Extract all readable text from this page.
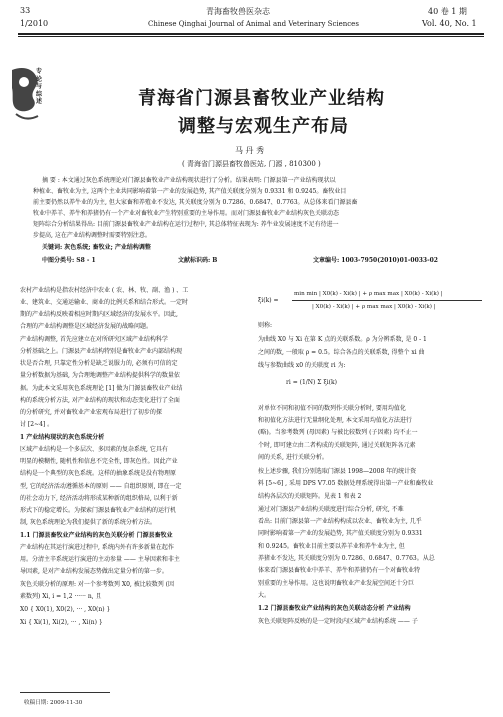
33
1/2010
青海畜牧兽医杂志
Chinese Qinghai Journal of Animal and Veterinary Sciences
40 卷 1 期
Vol. 40, No. 1
专
论
与
综
述	青海省门源县畜牧业产业结构
调整与宏观生产布局
马 丹 秀
( 青海省门源县畜牧兽医站, 门源 , 810300 )
摘 要 : 本文通过灰色系统理论对门源县畜牧业产业结构现状进行了分析。结果表明: 门源县第一产业结构现状以
种植业、畜牧业为主, 这两个主业共同影响着第一产业的发展趋势, 其产值关联度分别为 0.9331 和 0.9245。畜牧业目
前主要仍然以养牛业的为主, 但大家畜和养殖业不发达, 其关联度分别为 0.7286、0.6847、0.7763。从总体来看门源县畜
牧业中养羊、养牛和养猪仍有一个产业对畜牧业产生特别重要的主导作用。而对门源县畜牧业产业结构灰色关联动态
矩阵综合分析结果得出: 目前门源县畜牧业产业结构在运行过程中, 其总体特征表现为: 养牛业发展速度不足有待进一
步提高, 这在产业结构调整时需要特别注意。
关键词: 灰色系统; 畜牧业; 产业结构调整
中图分类号: S8 - 1	文献标识码: B	文章编号: 1003-7950(2010)01-0033-02
农村产业结构是指农村经济中农业 ( 农、林、牧、副、渔 ) 、工
业、建筑业、交通运输业、商业的比例关系和结合形式。一定时
期的产业结构反映着相应时期内区域经济的发展水平。因此,
合理的产业结构调整是区域经济发展的战略问题。
产业结构调整, 首先应建立在对所研究区域产业结构科学
分析基础之上。门源县产业结构特别是畜牧业产业内部结构现
状是否合理, 只靠定性分析是缺乏说服力的, 必须有可信的定
量分析数据为基础, 为合理地调整产业结构提供科学的数量依
据。为此本文采用灰色系统理论 [1] 做为门源县畜牧业产业结
构的系统分析方法, 对产业结构的现状和动态变化进行了全面
的分析研究, 并对畜牧业产业宏观布局进行了初步的探
讨 [2~4] 。
1 产业结构现状的灰色系统分析
区域产业结构是一个多层次、多因素的复杂系统, 它具有
明显的模糊性, 随机性和信息不完全性, 即灰色性。因此产业
结构是一个典型的灰色系统。这样的抽象系统是没有物理原
型, 它的经济活动遵循基本的原则 —— 自组织原则, 即在一定
的社会动力下, 经济活动将形成某种新的组织格局, 以利于新
形式下的稳定增长。为探索门源县畜牧业产业结构的运行机
制, 灰色系统理论为我们提供了新的系统分析方法。
1.1 门源县畜牧业产业结构的灰色关联分析 门源县畜牧业
产业结构在其运行演进过程中, 系统内外有许多新量在起作
用。分清主辛系统运行演进的主动参量 —— 主导因素和非主
导因素, 是对产业结构发展态势做出定量分析的第一步。
灰色关联分析的原理: 对一个参考数列 X0, 被比较数列 (因
素数列) Xi, i = 1,2 ······ n, 且
X0 { X0(1), X0(2), ··· , X0(n) }
Xi { Xi(1), Xi(2), ··· , Xi(n) }
收稿日期: 2009-11-30
ξi(k) =
min min | X0(k) - Xi(k) | + ρ max max | X0(k) - Xi(k) |
| X0(k) - Xi(k) | + ρ max max | X0(k) - Xi(k) |
则称:
为曲线 X0 与 Xi 在第 K 点的关联系数。ρ 为分辨系数, 是 0 - 1
之间的数, 一般取 ρ = 0.5。综合各点的关联系数, 得整个 xi 曲
线与参数曲线 x0 的关联度 ri 为:
ri = (1/N) Σ ξi(k)
对单位不同和初值不同的数列作关联分析时, 要用均值化
和初值化方法进行无量纲化处理, 本文采用均值化方法进行
(略)。当参考数列 (母因素) 与被比较数列 (子因素) 均不止一
个时, 即可建立由二者构成的关联矩阵, 通过关联矩阵各元素
间的关系, 进行关联分析。
按上述步骤, 我们分别选取门源县 1998—2008 年的统计资
料 [5~6] , 采用 DPS V7.05 数据处理系统得出第一产业和畜牧业
结构各层次的关联矩阵。见表 1 和表 2
通过对门源县产业结构关联度进行综合分析, 研究, 不难
看出: 目前门源县第一产业结构构成以农业、畜牧业为主, 几乎
同时影响着第一产业的发展趋势, 其产值关联度分别为 0.9331
和 0.9245。畜牧业目前主要以养羊业和养牛业为主, 但
养猪业不发达, 其关联度分别为 0.7286、0.6847、0.7763。从总
体来看门源县畜牧业中养羊、养牛和养猪仍有一个对畜牧业特
别重要的主导作用。这也说明畜牧业产业发展空间还十分巨
大。
1.2 门源县畜牧业产业结构的灰色关联动态分析 产业结构
灰色关联矩阵反映的是一定时段内区域产业结构系统 —— 子
